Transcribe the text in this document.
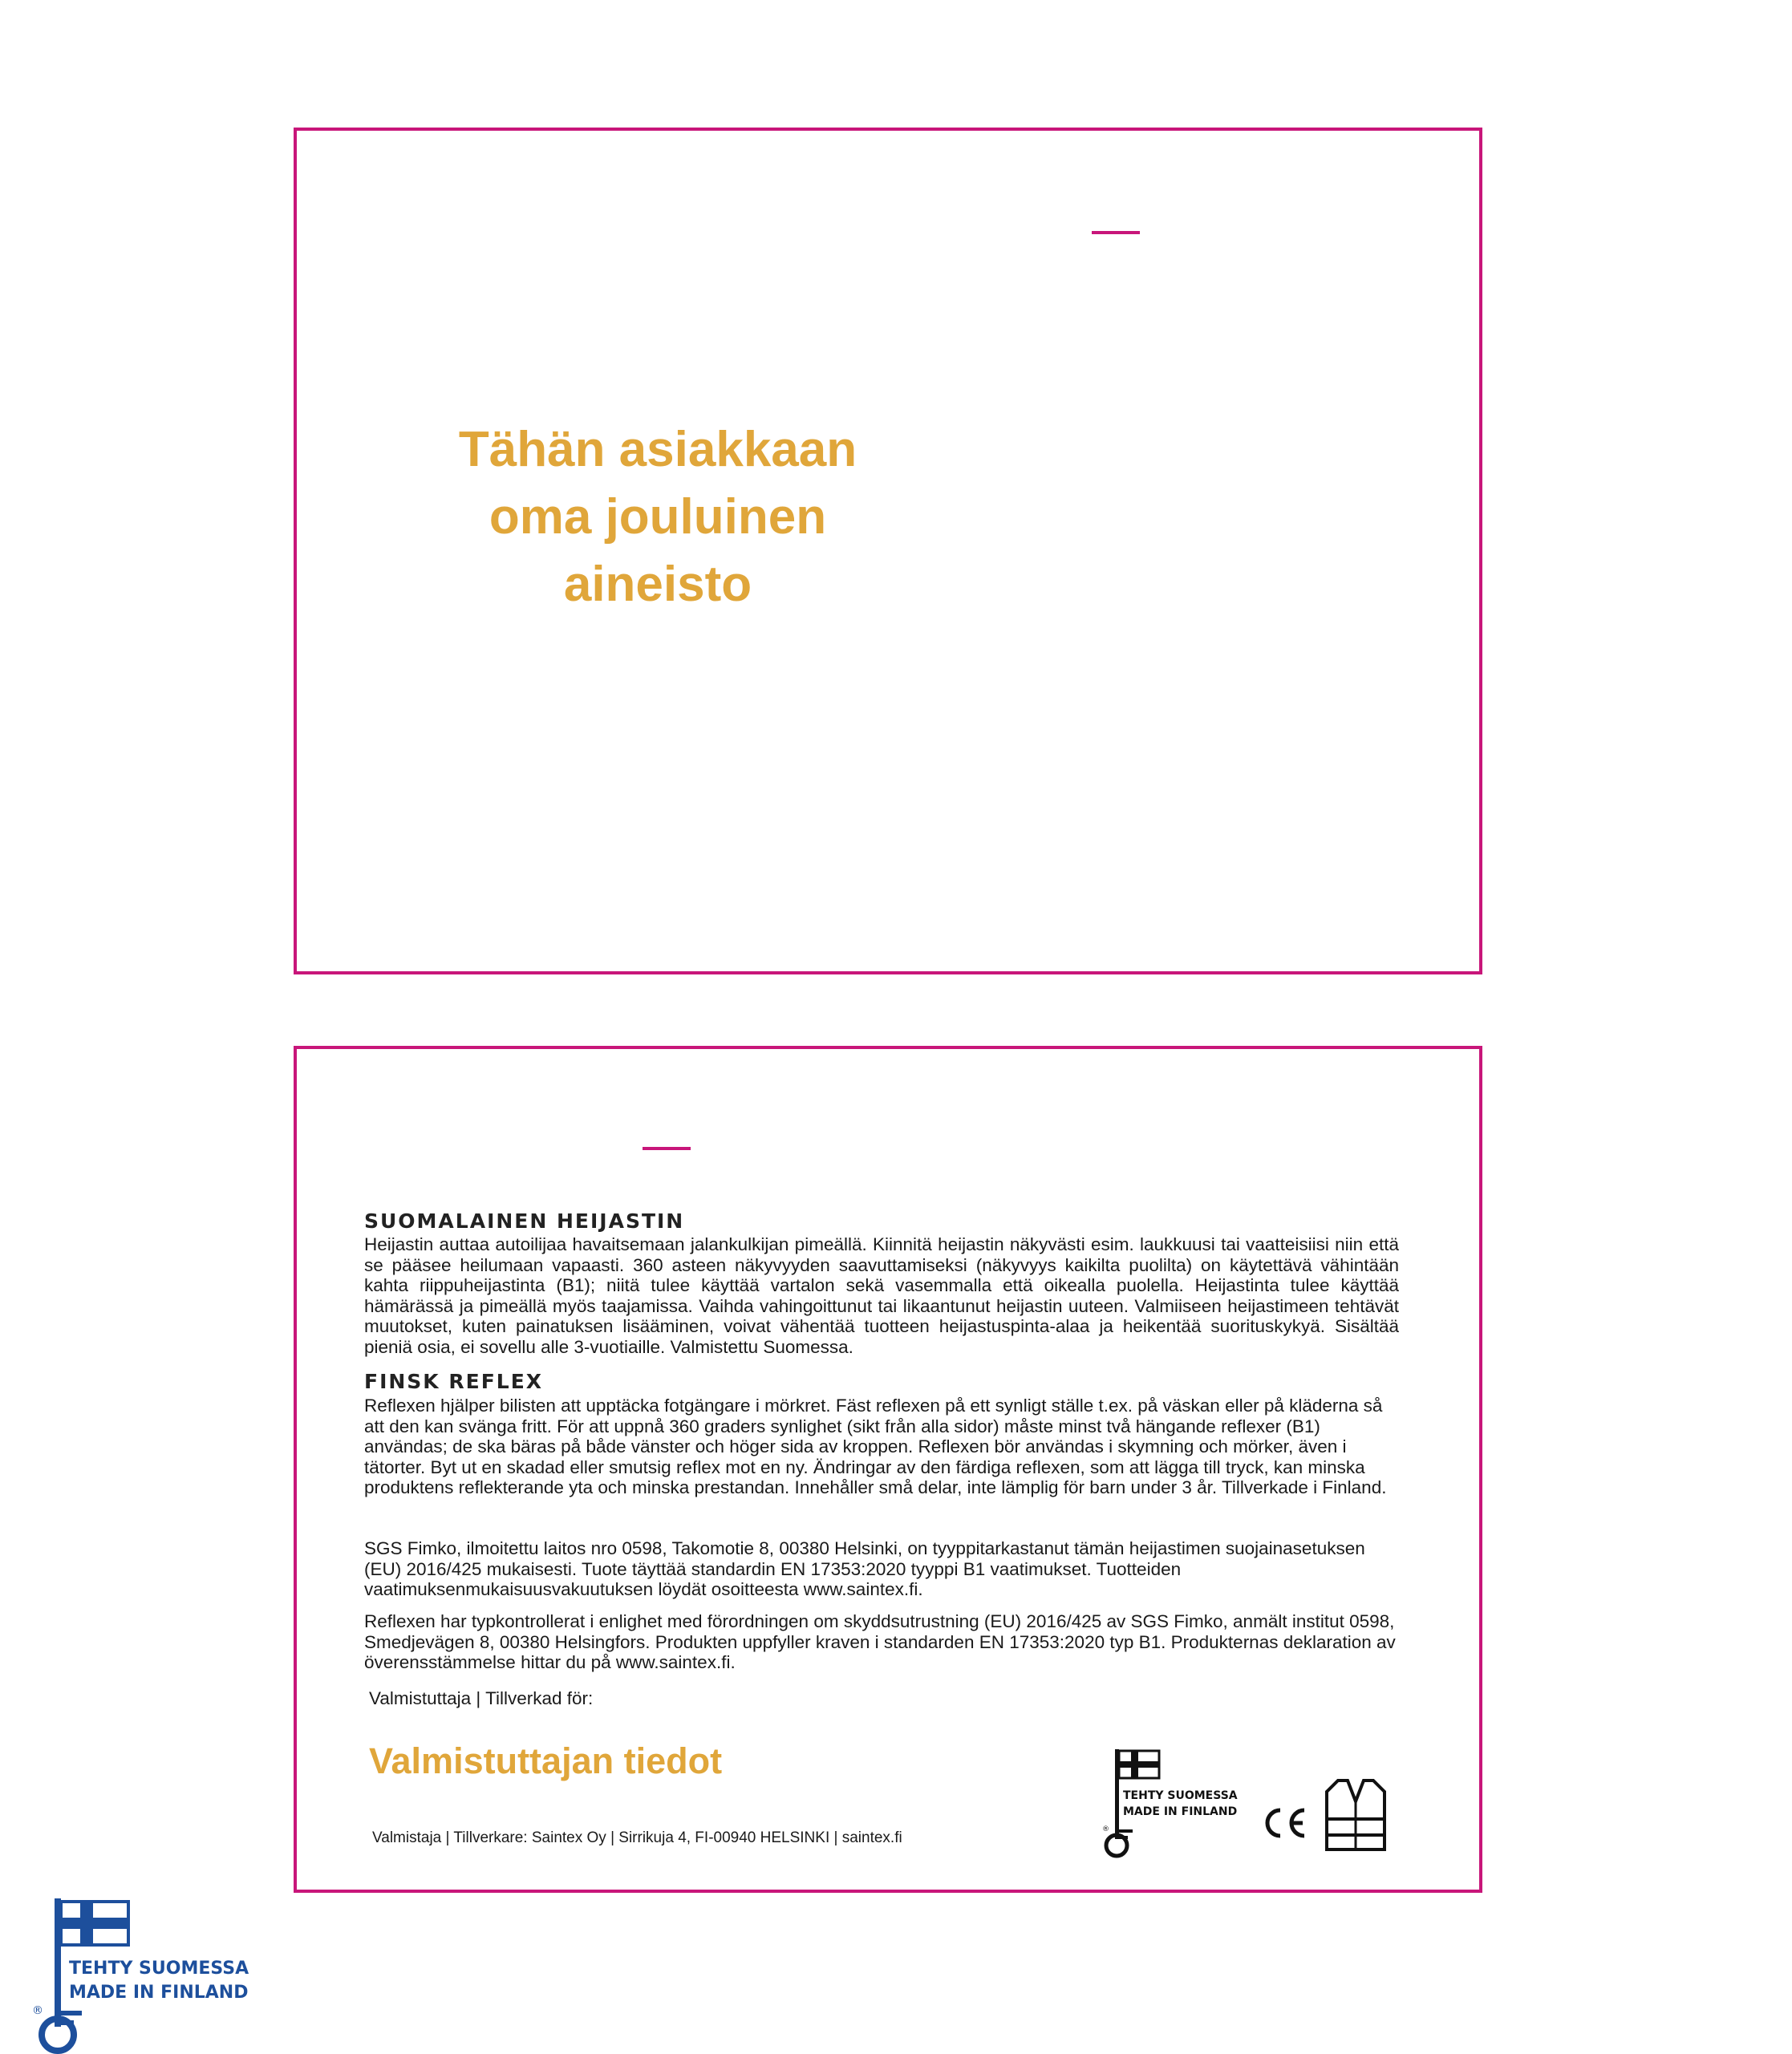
Tähän asiakkaan
oma jouluinen
aineisto
SUOMALAINEN HEIJASTIN
Heijastin auttaa autoilijaa havaitsemaan jalankulkijan pimeällä. Kiinnitä heijastin näkyvästi esim. laukkuusi tai vaatteisiisi niin että se pääsee heilumaan vapaasti. 360 asteen näkyvyyden saavuttamiseksi (näkyvyys kaikilta puolilta) on käytettävä vähintään kahta riippuheijastinta (B1); niitä tulee käyttää vartalon sekä vasemmalla että oikealla puolella. Heijastinta tulee käyttää hämärässä ja pimeällä myös taajamissa. Vaihda vahingoittunut tai likaantunut heijastin uuteen. Valmiiseen heijastimeen tehtävät muutokset, kuten painatuksen lisääminen, voivat vähentää tuotteen heijastuspinta-alaa ja heikentää suorituskykyä. Sisältää pieniä osia, ei sovellu alle 3-vuotiaille. Valmistettu Suomessa.
FINSK REFLEX
Reflexen hjälper bilisten att upptäcka fotgängare i mörkret. Fäst reflexen på ett synligt ställe t.ex. på väskan eller på kläderna så att den kan svänga fritt. För att uppnå 360 graders synlighet (sikt från alla sidor) måste minst två hängande reflexer (B1) användas; de ska bäras på både vänster och höger sida av kroppen. Reflexen bör användas i skymning och mörker, även i tätorter. Byt ut en skadad eller smutsig reflex mot en ny. Ändringar av den färdiga reflexen, som att lägga till tryck, kan minska produktens reflekterande yta och minska prestandan. Innehåller små delar, inte lämplig för barn under 3 år. Tillverkade i Finland.
SGS Fimko, ilmoitettu laitos nro 0598, Takomotie 8, 00380 Helsinki, on tyyppitarkastanut tämän heijastimen suojainasetuksen (EU) 2016/425 mukaisesti. Tuote täyttää standardin EN 17353:2020 tyyppi B1 vaatimukset. Tuotteiden vaatimuksenmukaisuusvakuutuksen löydät osoitteesta www.saintex.fi.
Reflexen har typkontrollerat i enlighet med förordningen om skyddsutrustning (EU) 2016/425 av SGS Fimko, anmält institut 0598, Smedjevägen 8, 00380 Helsingfors. Produkten uppfyller kraven i standarden EN 17353:2020 typ B1. Produkternas deklaration av överensstämmelse hittar du på www.saintex.fi.
Valmistuttaja | Tillverkad för:
Valmistuttajan tiedot
Valmistaja | Tillverkare: Saintex Oy | Sirrikuja 4, FI-00940 HELSINKI | saintex.fi	®
TEHTY SUOMESSA
MADE IN FINLAND
®
TEHTY SUOMESSA
MADE IN FINLAND
